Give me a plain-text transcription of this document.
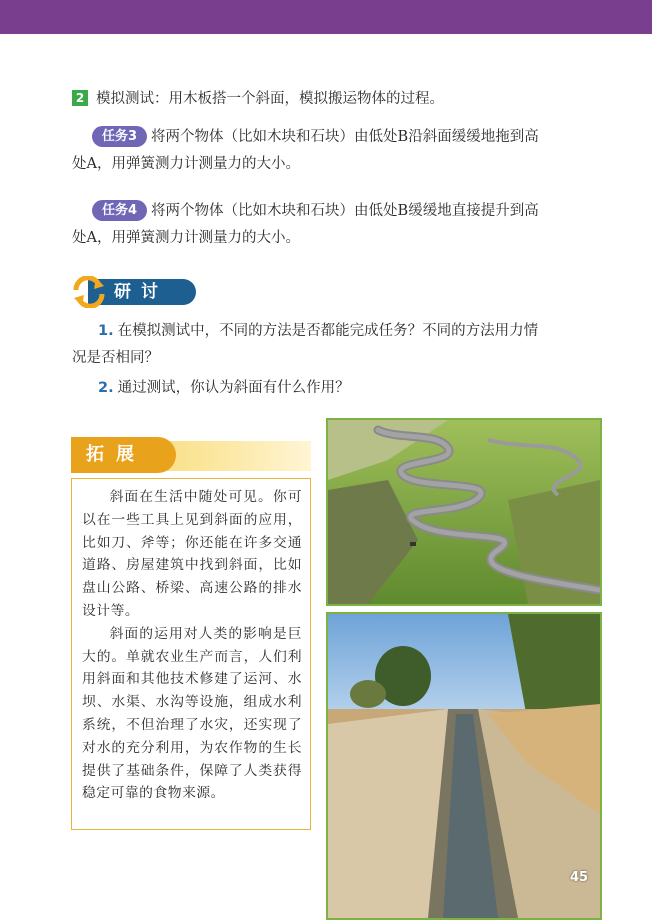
2 模拟测试：用木板搭一个斜面，模拟搬运物体的过程。
任务3 将两个物体（比如木块和石块）由低处B沿斜面缓缓地拖到高
处A，用弹簧测力计测量力的大小。
任务4 将两个物体（比如木块和石块）由低处B缓缓地直接提升到高
处A，用弹簧测力计测量力的大小。
研讨
1. 在模拟测试中，不同的方法是否都能完成任务？不同的方法用力情
况是否相同？
2. 通过测试，你认为斜面有什么作用？
拓展

斜面在生活中随处可见。你可以在一些工具上见到斜面的应用，比如刀、斧等；你还能在许多交通道路、房屋建筑中找到斜面，比如盘山公路、桥梁、高速公路的排水设计等。

斜面的运用对人类的影响是巨大的。单就农业生产而言，人们利用斜面和其他技术修建了运河、水坝、水渠、水沟等设施，组成水利系统，不但治理了水灾，还实现了对水的充分利用，为农作物的生长提供了基础条件，保障了人类获得稳定可靠的食物来源。

45
